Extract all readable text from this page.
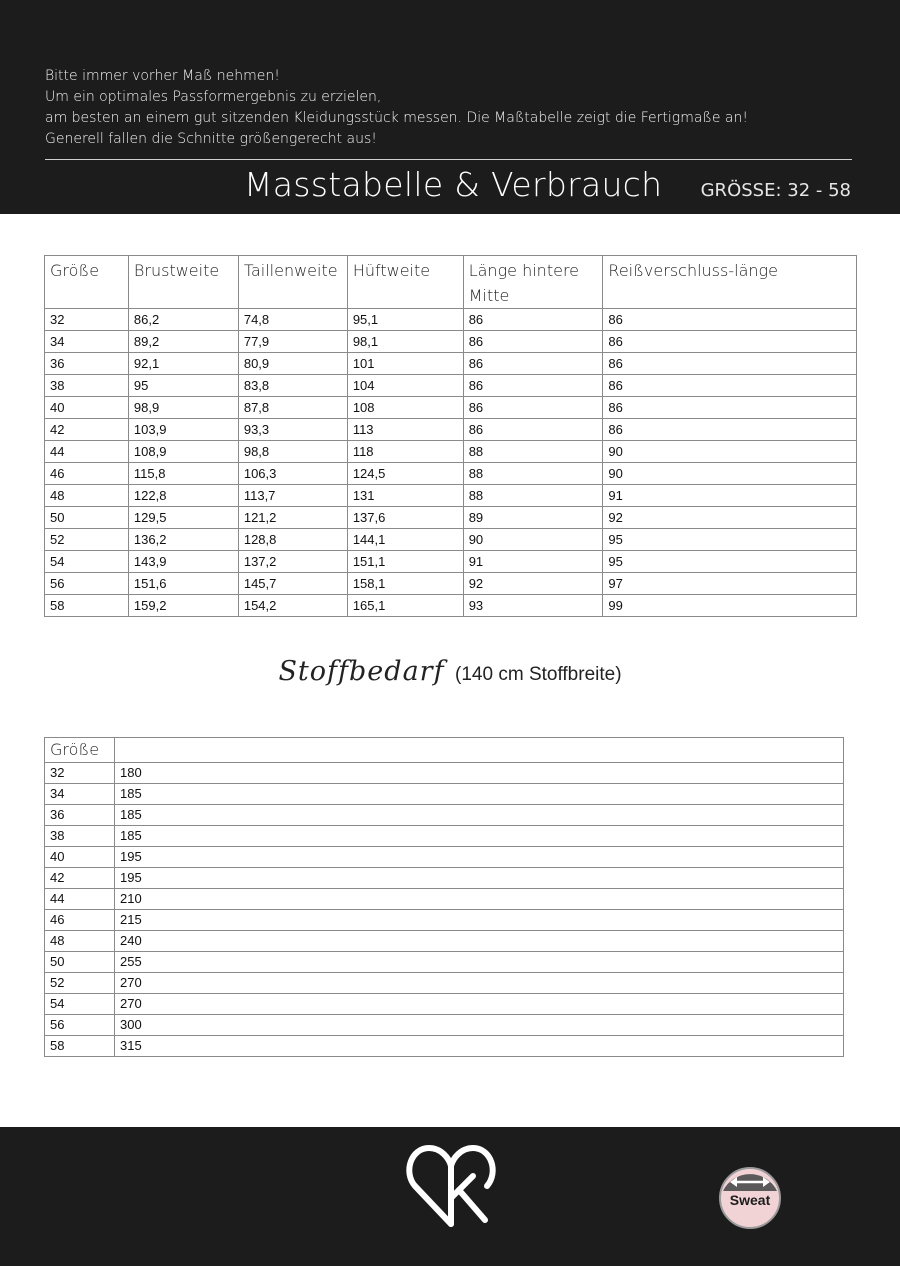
Bitte immer vorher Maß nehmen!
Um ein optimales Passformergebnis zu erzielen,
am besten an einem gut sitzenden Kleidungsstück messen. Die Maßtabelle zeigt die Fertigmaße an!
Generell fallen die Schnitte größengerecht aus!
Masstabelle & Verbrauch GRÖSSE: 32 - 58
Größe	Brustweite	Taillenweite	Hüftweite	Länge hintere Mitte	Reißverschluss-länge
32	86,2	74,8	95,1	86	86
34	89,2	77,9	98,1	86	86
36	92,1	80,9	101	86	86
38	95	83,8	104	86	86
40	98,9	87,8	108	86	86
42	103,9	93,3	113	86	86
44	108,9	98,8	118	88	90
46	115,8	106,3	124,5	88	90
48	122,8	113,7	131	88	91
50	129,5	121,2	137,6	89	92
52	136,2	128,8	144,1	90	95
54	143,9	137,2	151,1	91	95
56	151,6	145,7	158,1	92	97
58	159,2	154,2	165,1	93	99
Stoffbedarf (140 cm Stoffbreite)
Größe	
32	180
34	185
36	185
38	185
40	195
42	195
44	210
46	215
48	240
50	255
52	270
54	270
56	300
58	315
Sweat
